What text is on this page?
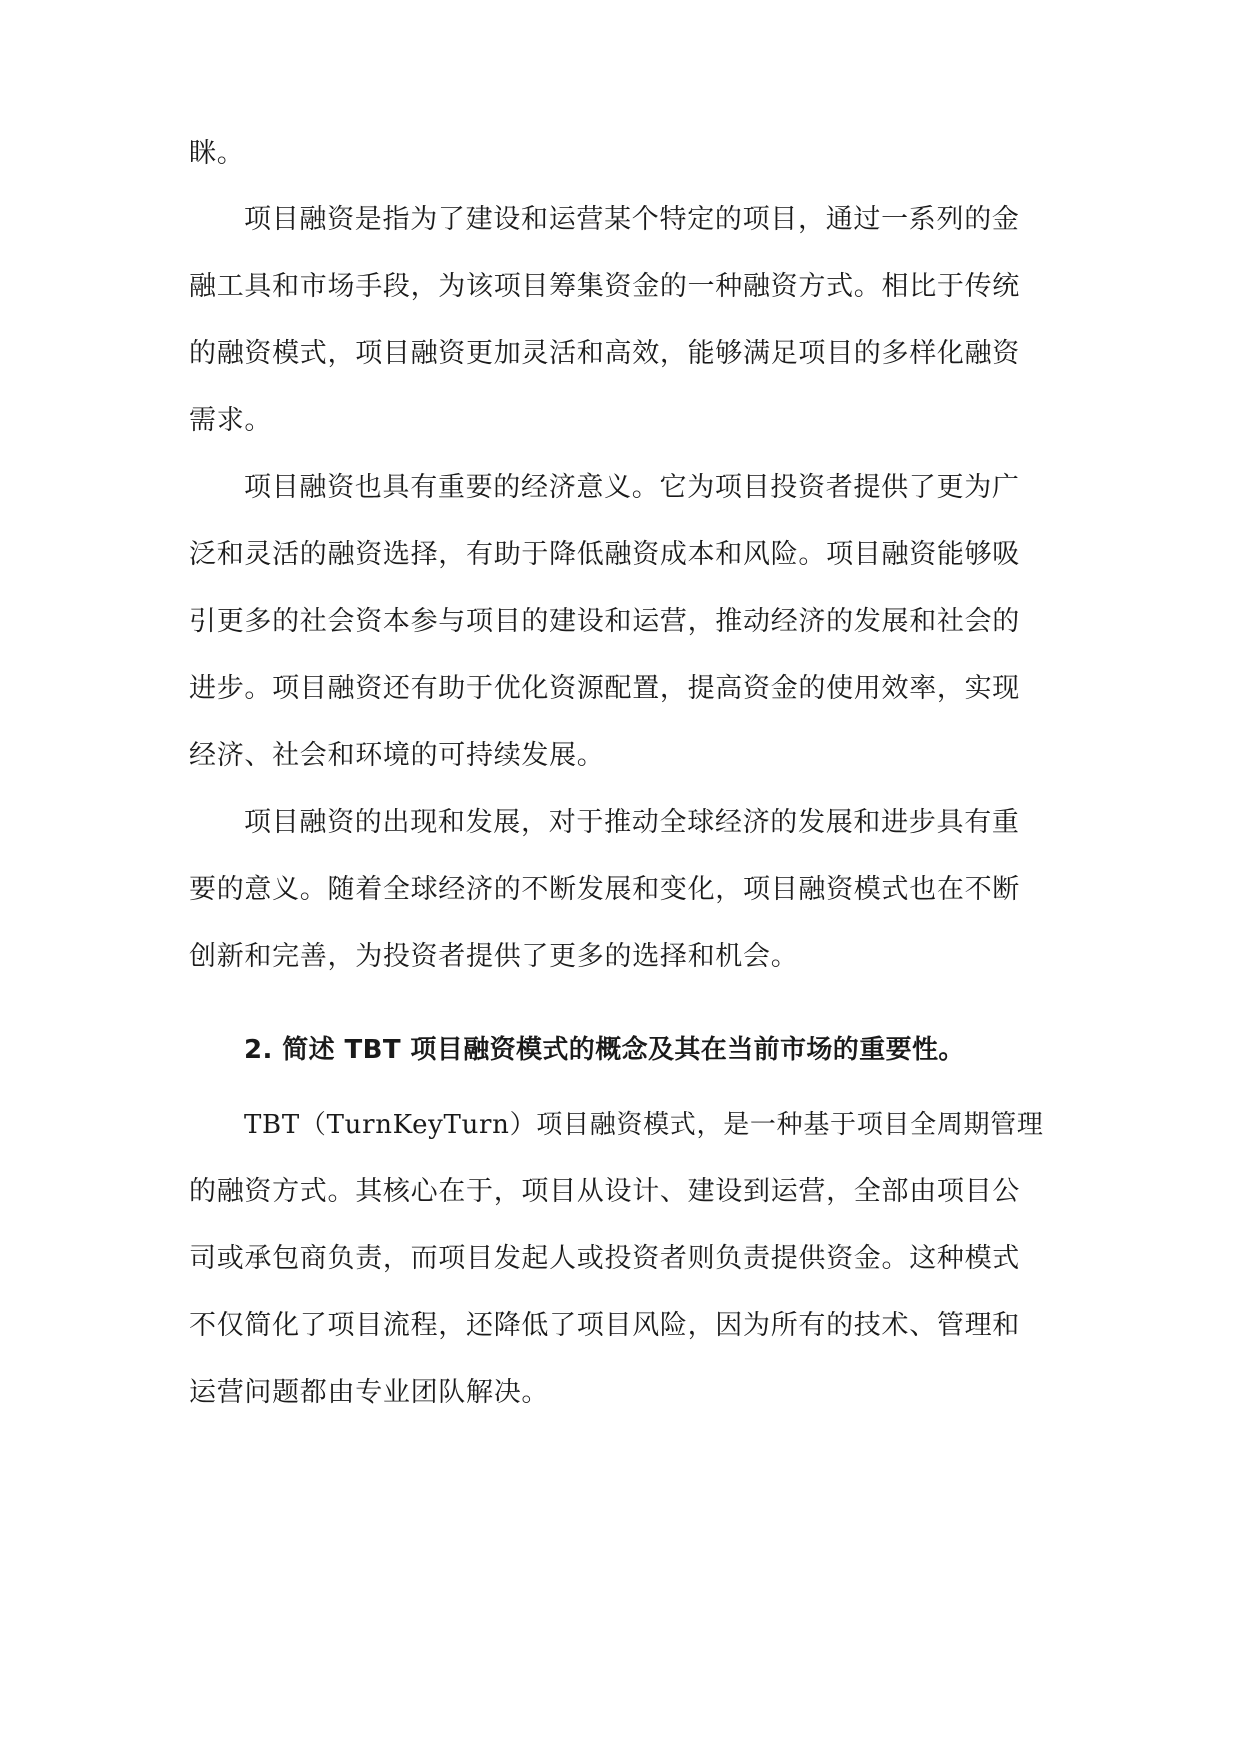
眯。
项目融资是指为了建设和运营某个特定的项目，通过一系列的金
融工具和市场手段，为该项目筹集资金的一种融资方式。相比于传统
的融资模式，项目融资更加灵活和高效，能够满足项目的多样化融资
需求。
项目融资也具有重要的经济意义。它为项目投资者提供了更为广
泛和灵活的融资选择，有助于降低融资成本和风险。项目融资能够吸
引更多的社会资本参与项目的建设和运营，推动经济的发展和社会的
进步。项目融资还有助于优化资源配置，提高资金的使用效率，实现
经济、社会和环境的可持续发展。
项目融资的出现和发展，对于推动全球经济的发展和进步具有重
要的意义。随着全球经济的不断发展和变化，项目融资模式也在不断
创新和完善，为投资者提供了更多的选择和机会。
2. 简述 TBT 项目融资模式的概念及其在当前市场的重要性。
TBT（TurnKeyTurn）项目融资模式，是一种基于项目全周期管理
的融资方式。其核心在于，项目从设计、建设到运营，全部由项目公
司或承包商负责，而项目发起人或投资者则负责提供资金。这种模式
不仅简化了项目流程，还降低了项目风险，因为所有的技术、管理和
运营问题都由专业团队解决。
